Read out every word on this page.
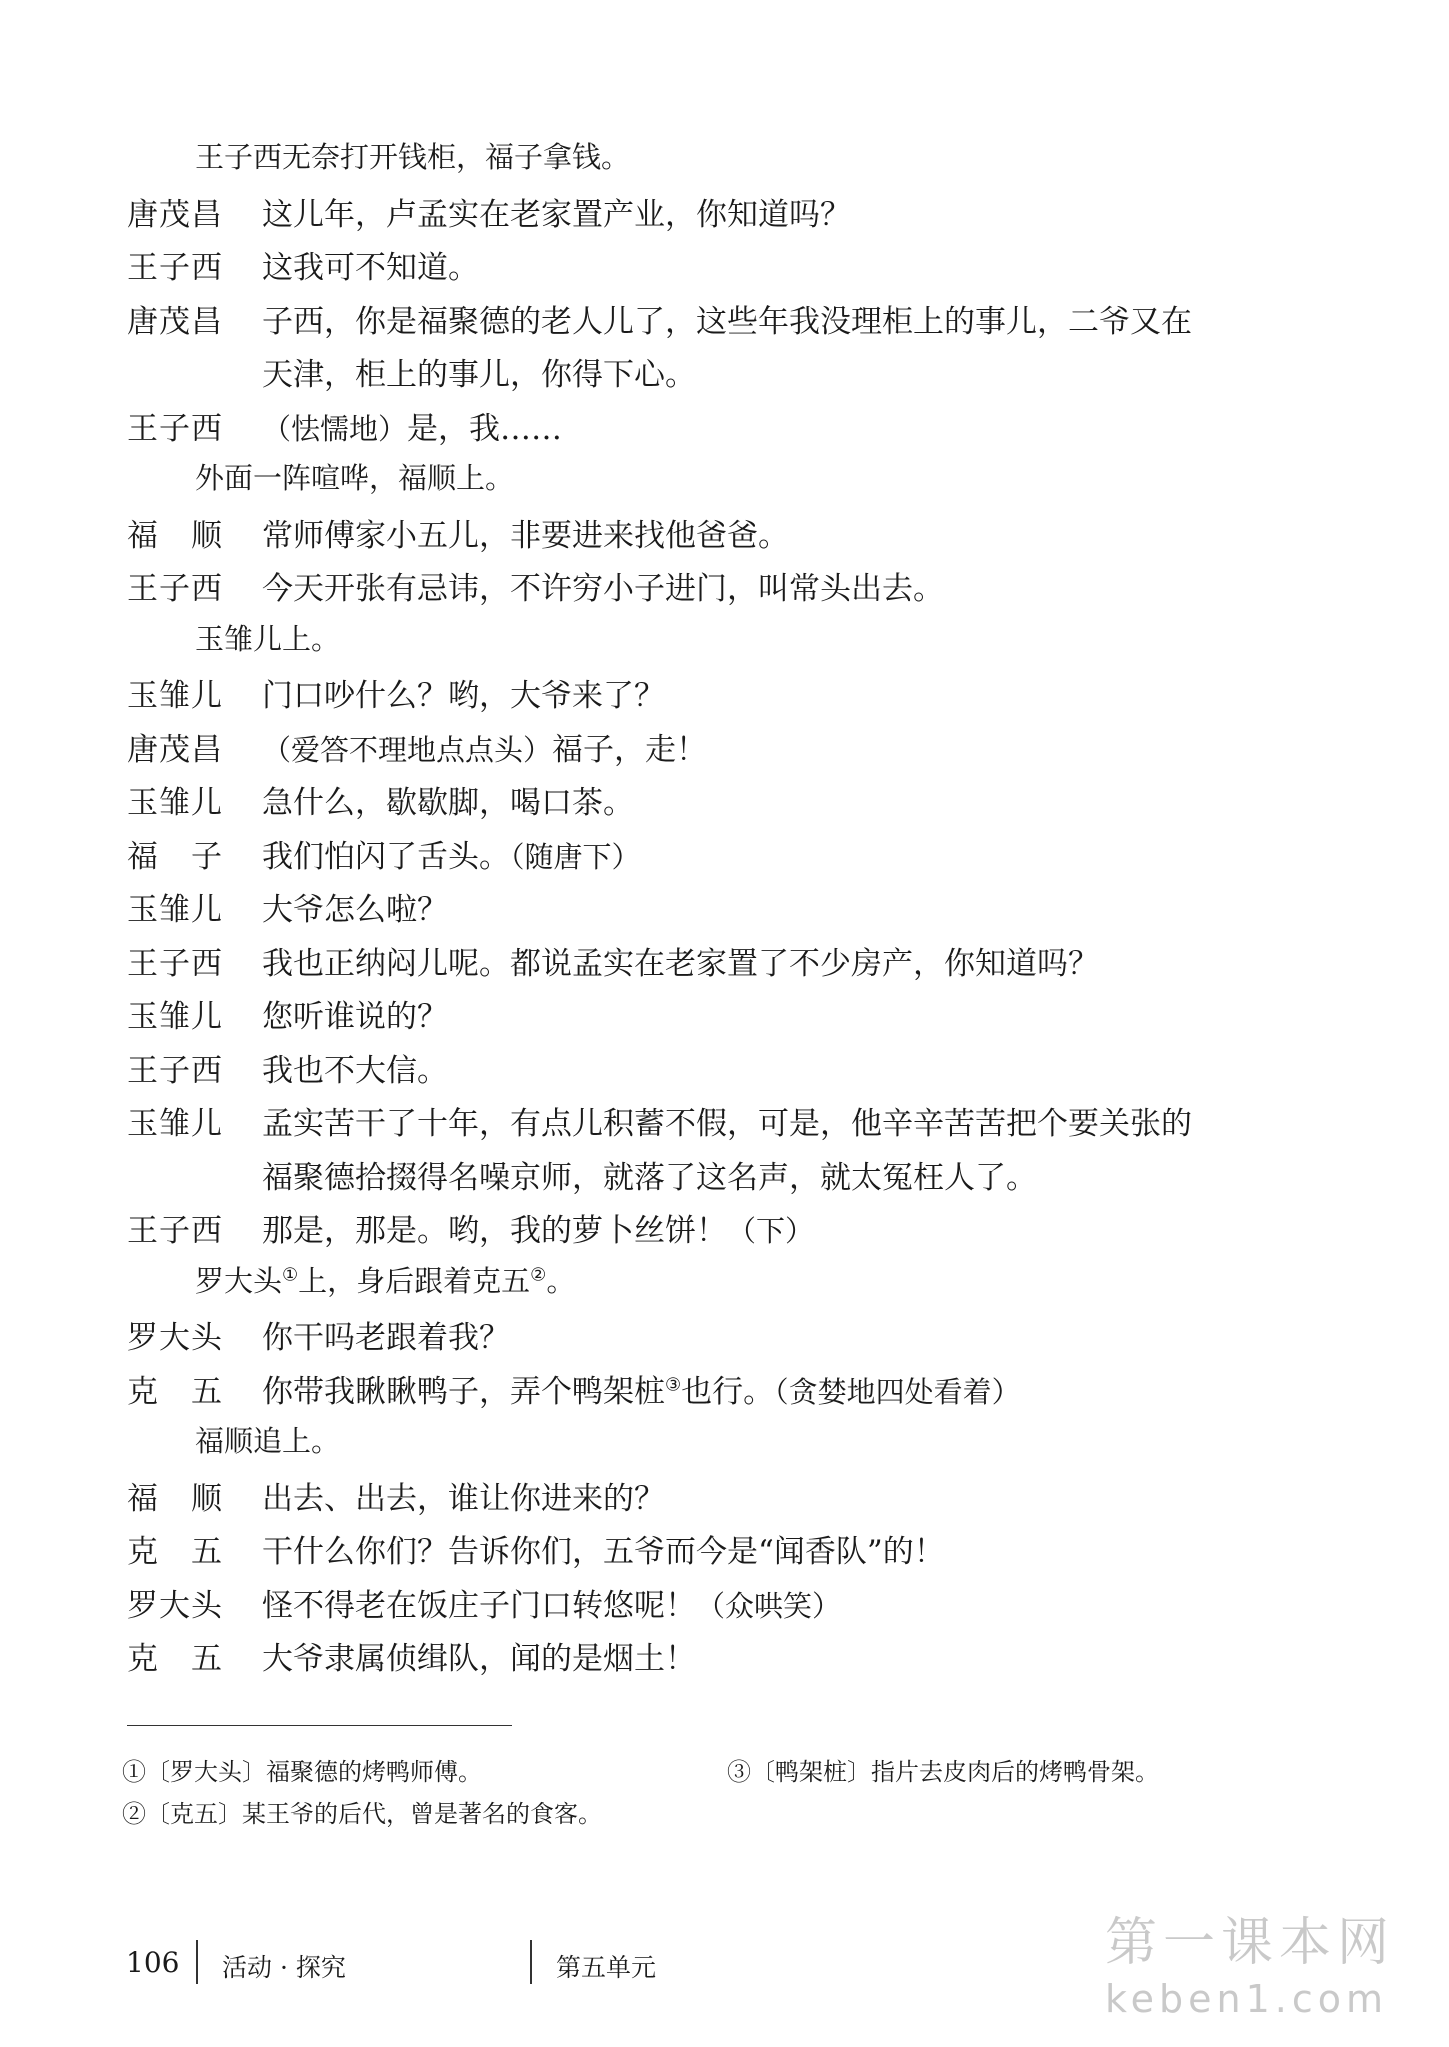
王子西无奈打开钱柜，福子拿钱。
唐茂昌	这儿年，卢孟实在老家置产业，你知道吗？
王子西	这我可不知道。
唐茂昌	子西，你是福聚德的老人儿了，这些年我没理柜上的事儿，二爷又在
天津，柜上的事儿，你得下心。
王子西	（怯懦地）是，我……
外面一阵喧哗，福顺上。
福　顺	常师傅家小五儿，非要进来找他爸爸。
王子西	今天开张有忌讳，不许穷小子进门，叫常头出去。
玉雏儿上。
玉雏儿	门口吵什么？哟，大爷来了？
唐茂昌	（爱答不理地点点头）福子，走！
玉雏儿	急什么，歇歇脚，喝口茶。
福　子	我们怕闪了舌头。（随唐下）
玉雏儿	大爷怎么啦？
王子西	我也正纳闷儿呢。都说孟实在老家置了不少房产，你知道吗？
玉雏儿	您听谁说的？
王子西	我也不大信。
玉雏儿	孟实苦干了十年，有点儿积蓄不假，可是，他辛辛苦苦把个要关张的
福聚德拾掇得名噪京师，就落了这名声，就太冤枉人了。
王子西	那是，那是。哟，我的萝卜丝饼！（下）
罗大头①上，身后跟着克五②。
罗大头	你干吗老跟着我？
克　五	你带我瞅瞅鸭子，弄个鸭架桩③也行。（贪婪地四处看着）
福顺追上。
福　顺	出去、出去，谁让你进来的？
克　五	干什么你们？告诉你们，五爷而今是“闻香队”的！
罗大头	怪不得老在饭庄子门口转悠呢！（众哄笑）
克　五	大爷隶属侦缉队，闻的是烟土！
①〔罗大头〕福聚德的烤鸭师傅。
②〔克五〕某王爷的后代，曾是著名的食客。
③〔鸭架桩〕指片去皮肉后的烤鸭骨架。
106 活动 · 探究	第五单元	第一课本网
keben1.com
